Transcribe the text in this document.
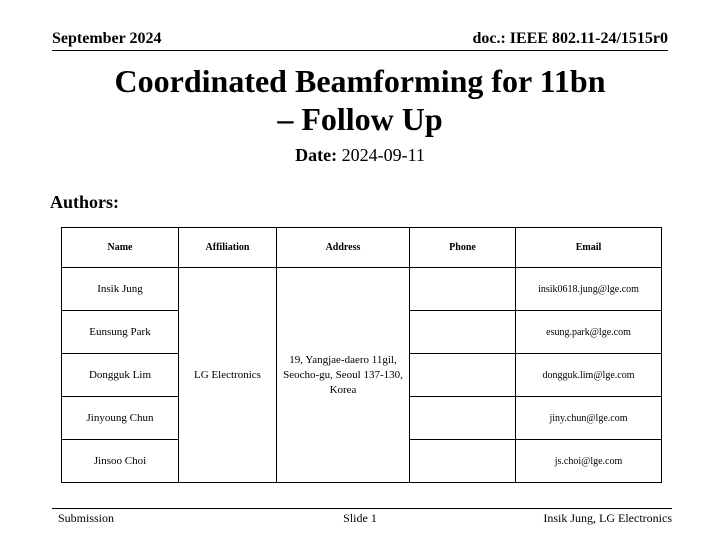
September 2024	doc.: IEEE 802.11-24/1515r0
Coordinated Beamforming for 11bn
– Follow Up
Date: 2024-09-11
Authors:
Name	Affiliation	Address	Phone	Email
Insik Jung	LG Electronics	19, Yangjae-daero 11gil, Seocho-gu, Seoul 137-130, Korea		insik0618.jung@lge.com
Eunsung Park				esung.park@lge.com
Dongguk Lim				dongguk.lim@lge.com
Jinyoung Chun				jiny.chun@lge.com
Jinsoo Choi				js.choi@lge.com
Submission	Slide 1	Insik Jung, LG Electronics
